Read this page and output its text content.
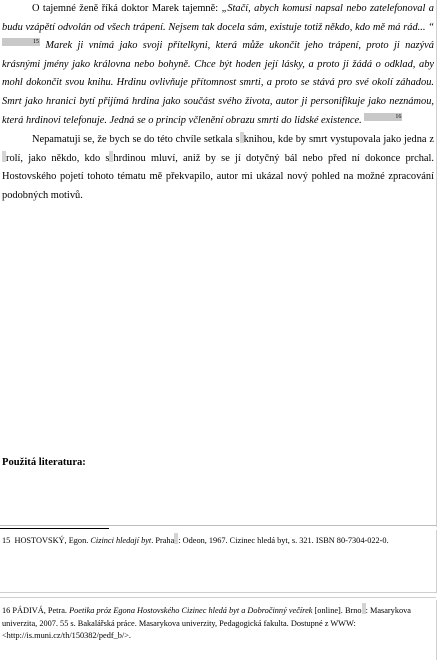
O tajemné ženě říká doktor Marek tajemně: „Stačí, abych komusi napsal nebo zatelefonoval a budu vzápětí odvolán od všech trápení. Nejsem tak docela sám, existuje totiž někdo, kdo mě má rád... “15 Marek ji vnímá jako svoji přítelkyni, která může ukončit jeho trápení, proto ji nazývá krásnými jmény jako královna nebo bohyně. Chce být hoden její lásky, a proto ji žádá o odklad, aby mohl dokončit svou knihu. Hrdinu ovlivňuje přítomnost smrti, a proto se stává pro své okolí záhadou. Smrt jako hranici bytí přijímá hrdina jako součást svého života, autor ji personifikuje jako neznámou, která hrdinovi telefonuje. Jedná se o princip včlenění obrazu smrti do lidské existence.	16

Nepamatuji se, že bych se do této chvíle setkala s knihou, kde by smrt vystupovala jako jedna zrolí, jako někdo, kdo s hrdinou mluví, aniž by se jí dotyčný bál nebo před ní dokonce prchal. Hostovského pojetí tohoto tématu mě překvapilo, autor mi ukázal nový pohled na možné zpracování podobných motivů.

Použitá literatura:

15 HOSTOVSKÝ, Egon. Cizinci hledají byt. Praha : Odeon, 1967. Cizinec hledá byt, s. 321. ISBN 80-7304-022-0.

16 PÁDIVÁ, Petra. Poetika próz Egona Hostovského Cizinec hledá byt a Dobročinný večírek [online]. Brno : Masarykova univerzita, 2007. 55 s. Bakalářská práce. Masarykova univerzity, Pedagogická fakulta. Dostupné z WWW: <http://is.muni.cz/th/150382/pedf_b/>.
